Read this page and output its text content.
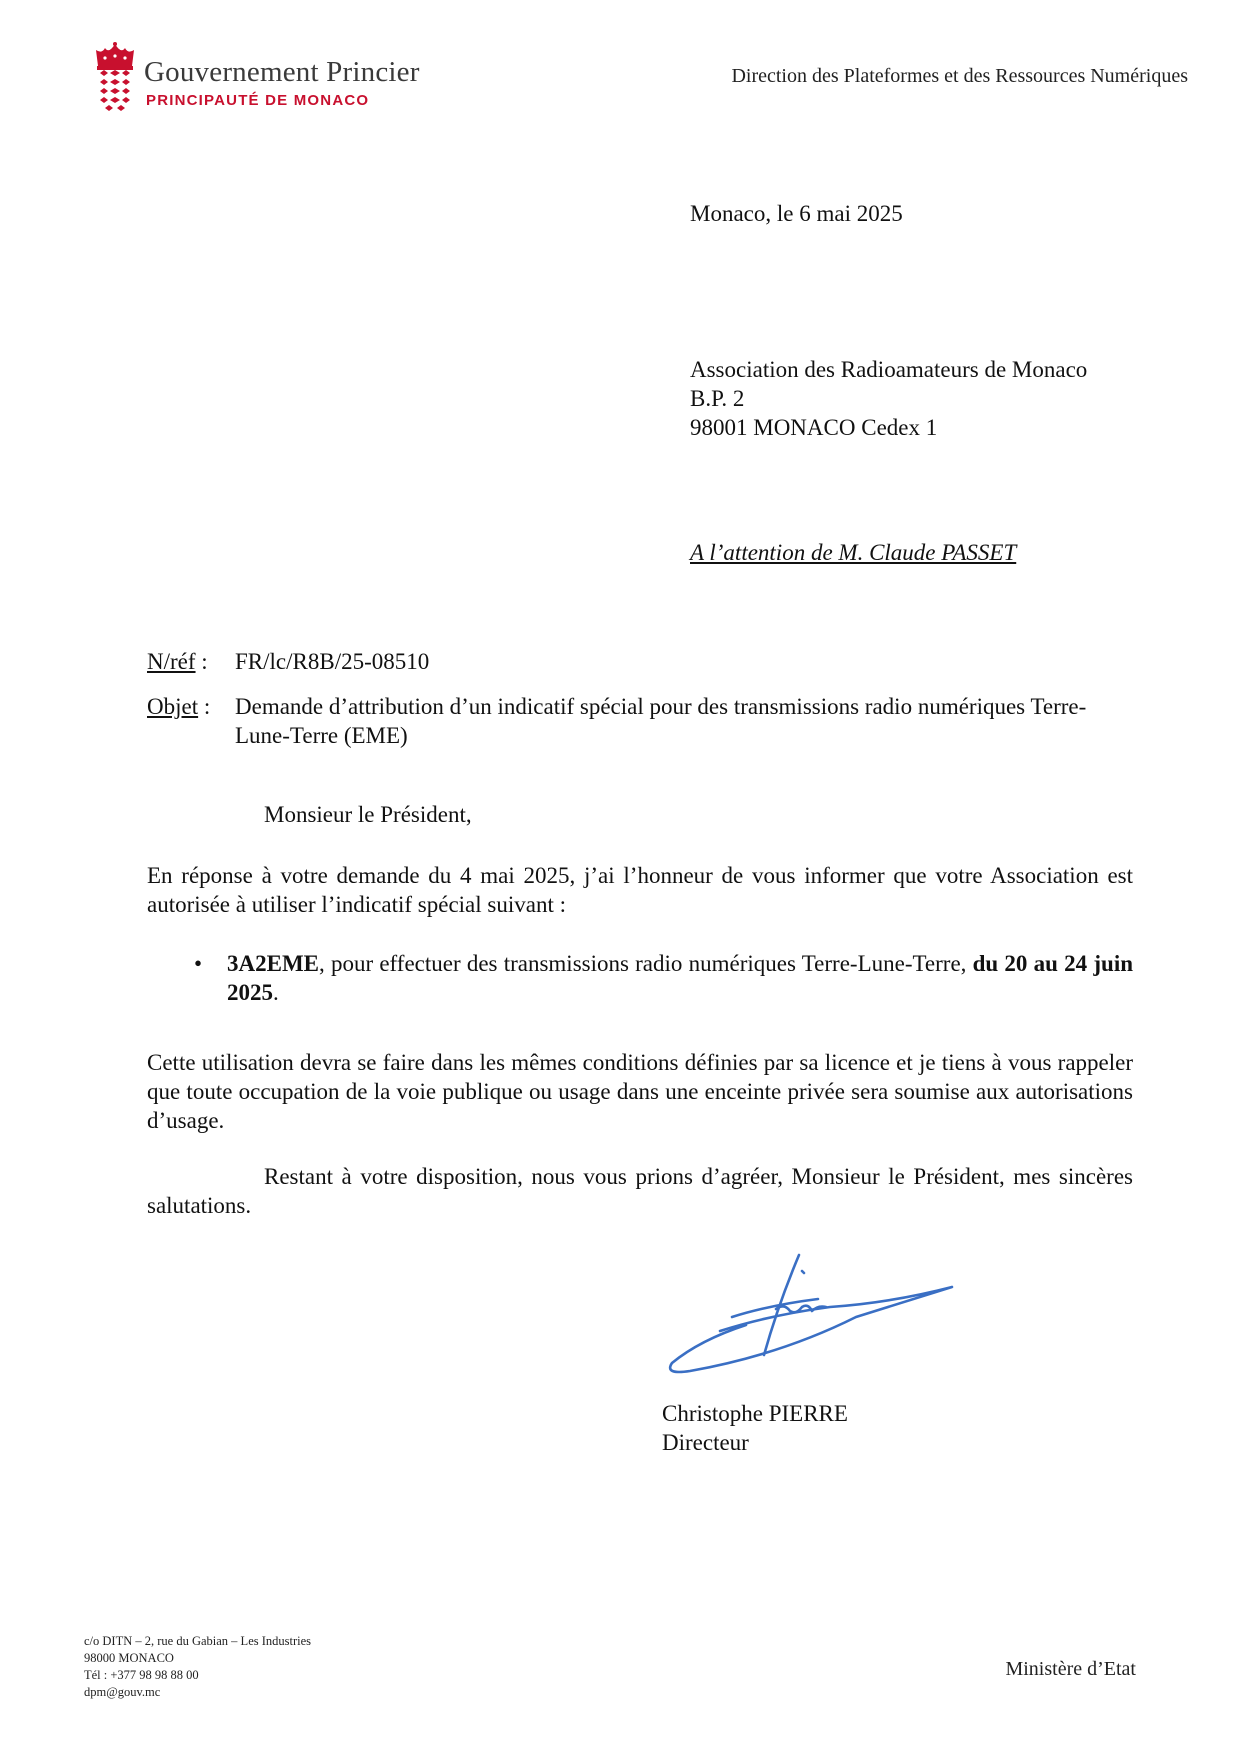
Gouvernement Princier
PRINCIPAUTÉ DE MONACO
Direction des Plateformes et des Ressources Numériques
Monaco, le 6 mai 2025
Association des Radioamateurs de Monaco
B.P. 2
98001 MONACO Cedex 1
A l’attention de M. Claude PASSET
N/réf : FR/lc/R8B/25-08510
Objet :	Demande d’attribution d’un indicatif spécial pour des transmissions radio numériques Terre-Lune-Terre (EME)
Monsieur le Président,
En réponse à votre demande du 4 mai 2025, j’ai l’honneur de vous informer que votre Association est autorisée à utiliser l’indicatif spécial suivant :
• 3A2EME, pour effectuer des transmissions radio numériques Terre-Lune-Terre, du 20 au 24 juin 2025.
Cette utilisation devra se faire dans les mêmes conditions définies par sa licence et je tiens à vous rappeler que toute occupation de la voie publique ou usage dans une enceinte privée sera soumise aux autorisations d’usage.
Restant à votre disposition, nous vous prions d’agréer, Monsieur le Président, mes sincères salutations.
Christophe PIERRE
Directeur
c/o DITN – 2, rue du Gabian – Les Industries
98000 MONACO
Tél : +377 98 98 88 00
dpm@gouv.mc
Ministère d’Etat
